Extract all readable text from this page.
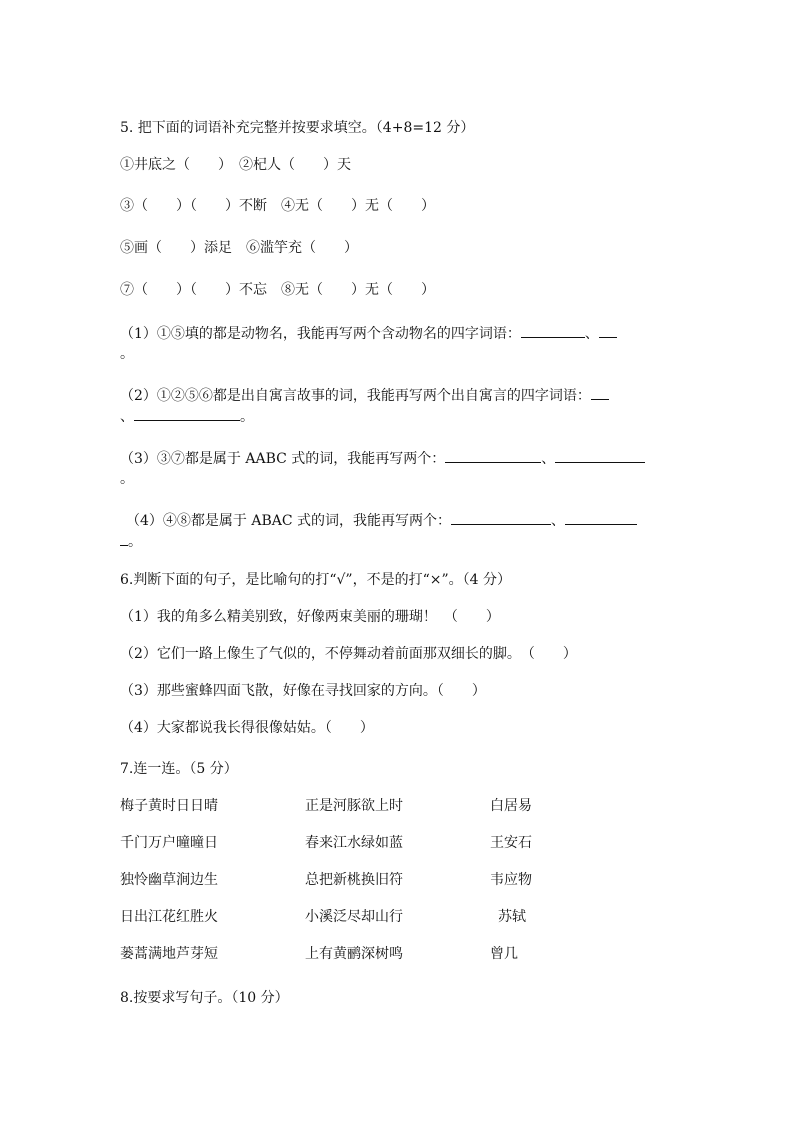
5. 把下面的词语补充完整并按要求填空。（4+8=12 分）
①井底之（　　）　②杞人（　　）天
③（　　）（　　）不断　④无（　　）无（　　）
⑤画（　　）添足　⑥滥竽充（　　）
⑦（　　）（　　）不忘　⑧无（　　）无（　　）
（1）①⑤填的都是动物名，我能再写两个含动物名的四字词语：	、
。
（2）①②⑤⑥都是出自寓言故事的词，我能再写两个出自寓言的四字词语：
、	。
（3）③⑦都是属于 AABC 式的词，我能再写两个：	、
。
（4）④⑧都是属于 ABAC 式的词，我能再写两个：	、
。
6.判断下面的句子，是比喻句的打“√”，不是的打“×”。（4 分）
（1）我的角多么精美别致，好像两束美丽的珊瑚！　（　　）
（2）它们一路上像生了气似的，不停舞动着前面那双细长的脚。　（　　）
（3）那些蜜蜂四面飞散，好像在寻找回家的方向。（　　）
（4）大家都说我长得很像姑姑。（　　）
7.连一连。（5 分）
梅子黄时日日晴	正是河豚欲上时	白居易
千门万户曈曈日	春来江水绿如蓝	王安石
独怜幽草涧边生	总把新桃换旧符	韦应物
日出江花红胜火	小溪泛尽却山行	苏轼
蒌蒿满地芦芽短	上有黄鹂深树鸣	曾几
8.按要求写句子。（10 分）
